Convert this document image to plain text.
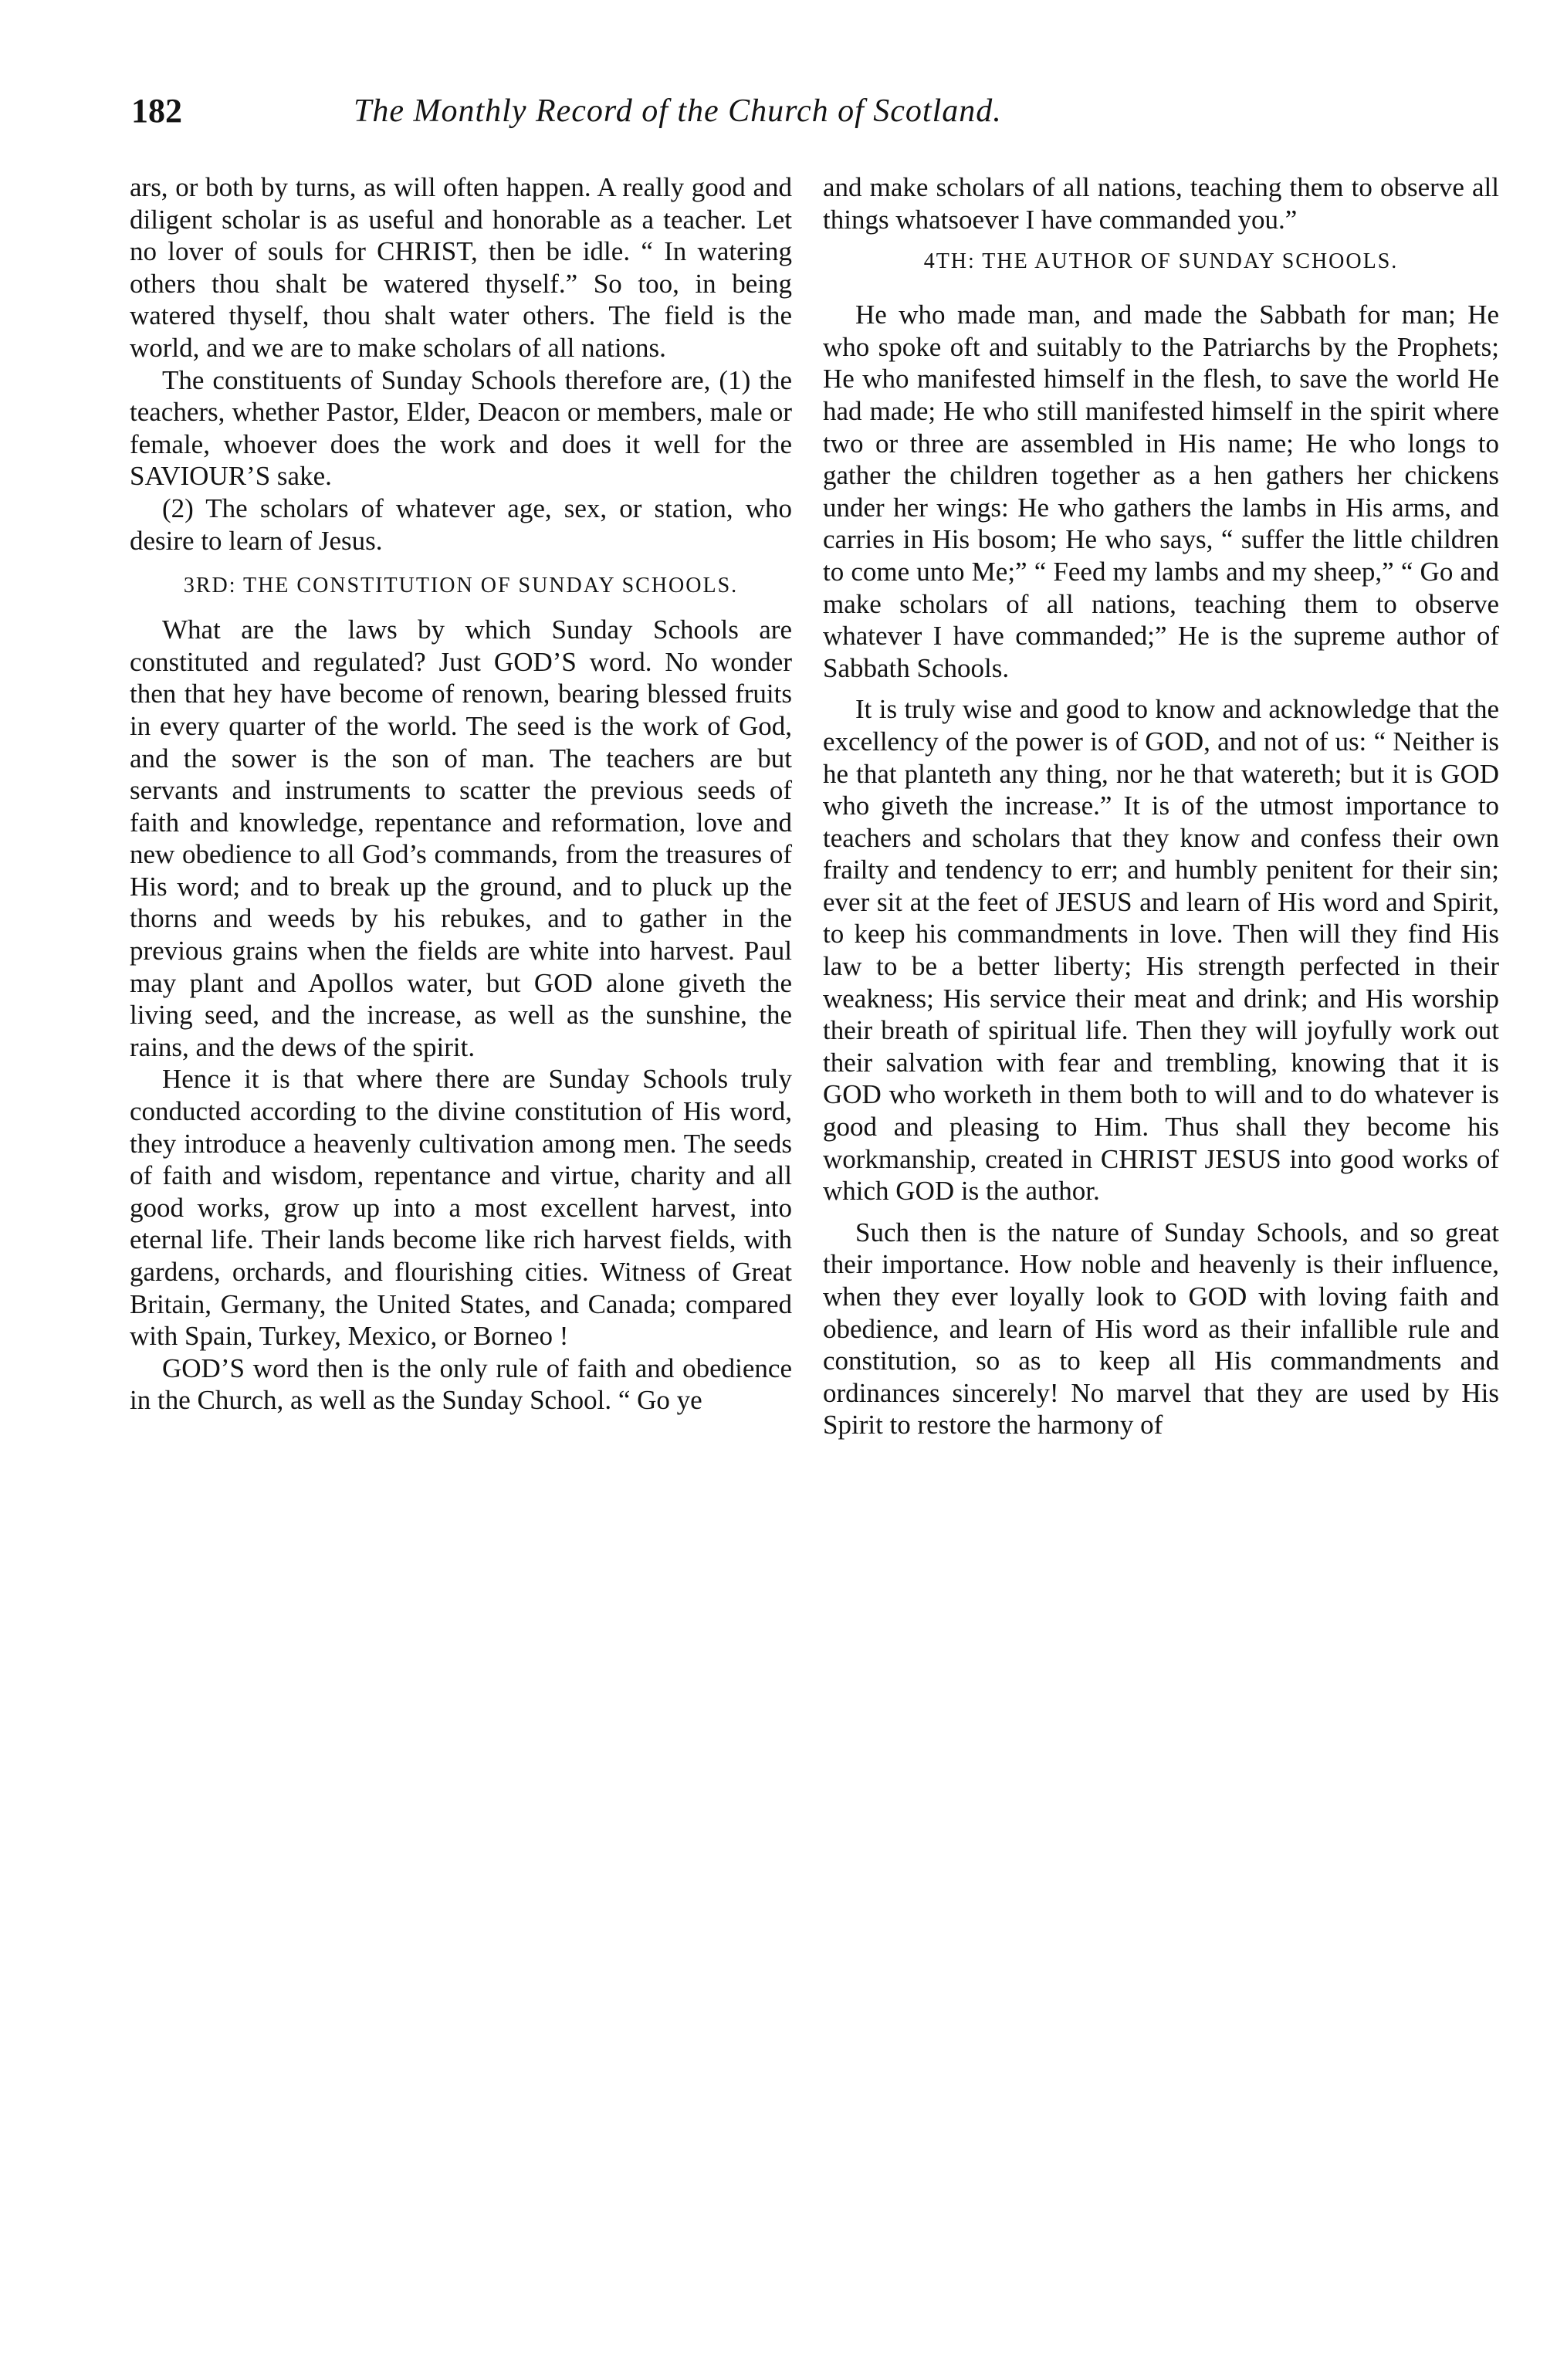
182	The Monthly Record of the Church of Scotland.

ars, or both by turns, as will often happen. A really good and diligent scholar is as useful and honorable as a teacher. Let no lover of souls for CHRIST, then be idle. “ In watering others thou shalt be watered thyself.” So too, in being watered thyself, thou shalt water others. The field is the world, and we are to make scholars of all nations.

The constituents of Sunday Schools therefore are, (1) the teachers, whether Pastor, Elder, Deacon or members, male or female, whoever does the work and does it well for the SAVIOUR’S sake.

(2) The scholars of whatever age, sex, or station, who desire to learn of Jesus.

3RD: THE CONSTITUTION OF SUNDAY SCHOOLS.

What are the laws by which Sunday Schools are constituted and regulated? Just GOD’S word. No wonder then that hey have become of renown, bearing blessed fruits in every quarter of the world. The seed is the work of God, and the sower is the son of man. The teachers are but servants and instruments to scatter the previous seeds of faith and knowledge, repentance and reformation, love and new obedience to all God’s commands, from the treasures of His word; and to break up the ground, and to pluck up the thorns and weeds by his rebukes, and to gather in the previous grains when the fields are white into harvest. Paul may plant and Apollos water, but GOD alone giveth the living seed, and the increase, as well as the sunshine, the rains, and the dews of the spirit.

Hence it is that where there are Sunday Schools truly conducted according to the divine constitution of His word, they introduce a heavenly cultivation among men. The seeds of faith and wisdom, repentance and virtue, charity and all good works, grow up into a most excellent harvest, into eternal life. Their lands become like rich harvest fields, with gardens, orchards, and flourishing cities. Witness of Great Britain, Germany, the United States, and Canada; compared with Spain, Turkey, Mexico, or Borneo !

GOD’S word then is the only rule of faith and obedience in the Church, as well as the Sunday School. “ Go ye

and make scholars of all nations, teaching them to observe all things whatsoever I have commanded you.”

4TH: THE AUTHOR OF SUNDAY SCHOOLS.

He who made man, and made the Sabbath for man; He who spoke oft and suitably to the Patriarchs by the Prophets; He who manifested himself in the flesh, to save the world He had made; He who still manifested himself in the spirit where two or three are assembled in His name; He who longs to gather the children together as a hen gathers her chickens under her wings: He who gathers the lambs in His arms, and carries in His bosom; He who says, “ suffer the little children to come unto Me;” “ Feed my lambs and my sheep,” “ Go and make scholars of all nations, teaching them to observe whatever I have commanded;” He is the supreme author of Sabbath Schools.

It is truly wise and good to know and acknowledge that the excellency of the power is of GOD, and not of us: “ Neither is he that planteth any thing, nor he that watereth; but it is GOD who giveth the increase.” It is of the utmost importance to teachers and scholars that they know and confess their own frailty and tendency to err; and humbly penitent for their sin; ever sit at the feet of JESUS and learn of His word and Spirit, to keep his commandments in love. Then will they find His law to be a better liberty; His strength perfected in their weakness; His service their meat and drink; and His worship their breath of spiritual life. Then they will joyfully work out their salvation with fear and trembling, knowing that it is GOD who worketh in them both to will and to do whatever is good and pleasing to Him. Thus shall they become his workmanship, created in CHRIST JESUS into good works of which GOD is the author.

Such then is the nature of Sunday Schools, and so great their importance. How noble and heavenly is their influence, when they ever loyally look to GOD with loving faith and obedience, and learn of His word as their infallible rule and constitution, so as to keep all His commandments and ordinances sincerely! No marvel that they are used by His Spirit to restore the harmony of
